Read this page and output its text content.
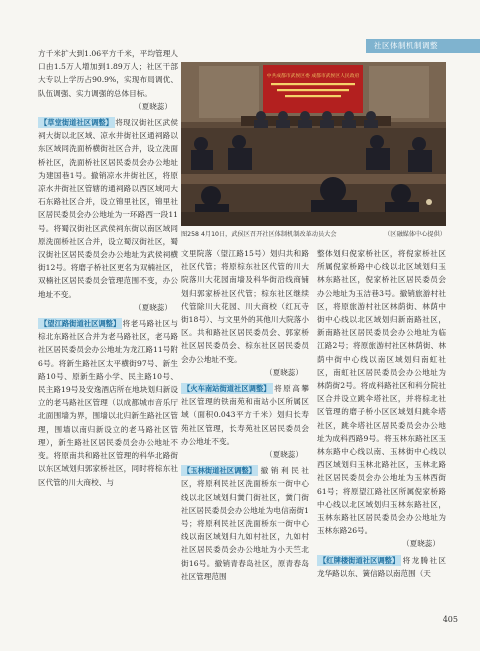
社区体制机制调整

方千米扩大到1.06平方千米，平均管理人口由1.5万人增加到1.89万人；社区干部大专以上学历占90.9%，实现布局调优、队伍调强、实力调强的总体目标。

（夏晓蕊）

【草堂街道社区调整】 将现汉街社区武侯祠大街以北区域、凉水井街社区通祠路以东区域同洗面桥横街社区合并，设立洗面桥社区，洗面桥社区居民委员会办公地址为建国巷1号。撤销凉水井街社区，将原凉水井街社区管辖的通祠路以西区域同大石东路社区合并，设立锦里社区，锦里社区居民委员会办公地址为一环路西一段11号。将蜀汉街社区武侯祠东街以南区域同原洗面桥社区合并，设立蜀汉街社区，蜀汉街社区居民委员会办公地址为武侯祠横街12号。将磨子桥社区更名为双楠社区，双楠社区居民委员会管理范围不变，办公地址不变。

（夏晓蕊）

【望江路街道社区调整】 将老马路社区与棕北东路社区合并为老马路社区，老马路社区居民委员会办公地址为龙江路11号附6号。将新生路社区太平横街97号、新生路10号、原新生路小学、民主路10号、民主路19号及安逸酒店所在地块划归新设立的老马路社区管理（以成都城市音乐厅北面围墙为界，围墙以北归新生路社区管理，围墙以南归新设立的老马路社区管理），新生路社区居民委员会办公地址不变。将原南共和路社区管理的科华北路街以东区域划归郭家桥社区，同时将棕东社区代管的川大商校、与

中共成都市武侯区委 成都市武侯区人民政府
图258 4月10日，武侯区召开社区体制机制改革动员大会	（区融媒体中心提供）

文里院落（望江路15号）划归共和路社区代管；将原棕东社区代管的川大院落川大花园南墙及科华街沿线商铺划归郭家桥社区代管；棕东社区继续代管除川大花园、川大商校（红瓦寺街18号）、与文里外的其他川大院落小区。共和路社区居民委员会、郭家桥社区居民委员会、棕东社区居民委员会办公地址不变。

（夏晓蕊）

【火车南站街道社区调整】 将原高攀社区管理的铁南苑和南站小区所属区域（面积0.043平方千米）划归长寿苑社区管理，长寿苑社区居民委员会办公地址不变。

（夏晓蕊）

【玉林街道社区调整】 撤销利民社区，将原利民社区洗面桥东一街中心线以北区域划归黉门街社区，黉门街社区居民委员会办公地址为电信南街1号；将原利民社区洗面桥东一街中心线以南区域划归九如村社区，九如村社区居民委员会办公地址为小天竺北街16号。撤销青春岛社区，原青春岛社区管理范围

整体划归倪家桥社区，将倪家桥社区所属倪家桥路中心线以北区域划归玉林东路社区，倪家桥社区居民委员会办公地址为玉洁巷3号。撤销旅游村社区，将原旅游村社区林荫街、林荫中街中心线以北区域划归新南路社区，新南路社区居民委员会办公地址为临江路2号；将原旅游村社区林荫街、林荫中街中心线以南区域划归南虹社区，南虹社区居民委员会办公地址为林荫街2号。将成科路社区和科分院社区合并设立跳伞塔社区，并将棕北社区管理的磨子桥小区区域划归跳伞塔社区，跳伞塔社区居民委员会办公地址为成科西路9号。将玉林东路社区玉林东路中心线以南、玉林街中心线以西区域划归玉林北路社区，玉林北路社区居民委员会办公地址为玉林西街61号；将原望江路社区所属倪家桥路中心线以北区域划归玉林东路社区，玉林东路社区居民委员会办公地址为玉林东路26号。

（夏晓蕊）

【红牌楼街道社区调整】 将龙腾社区龙华路以东、簧信路以南范围（天

405
